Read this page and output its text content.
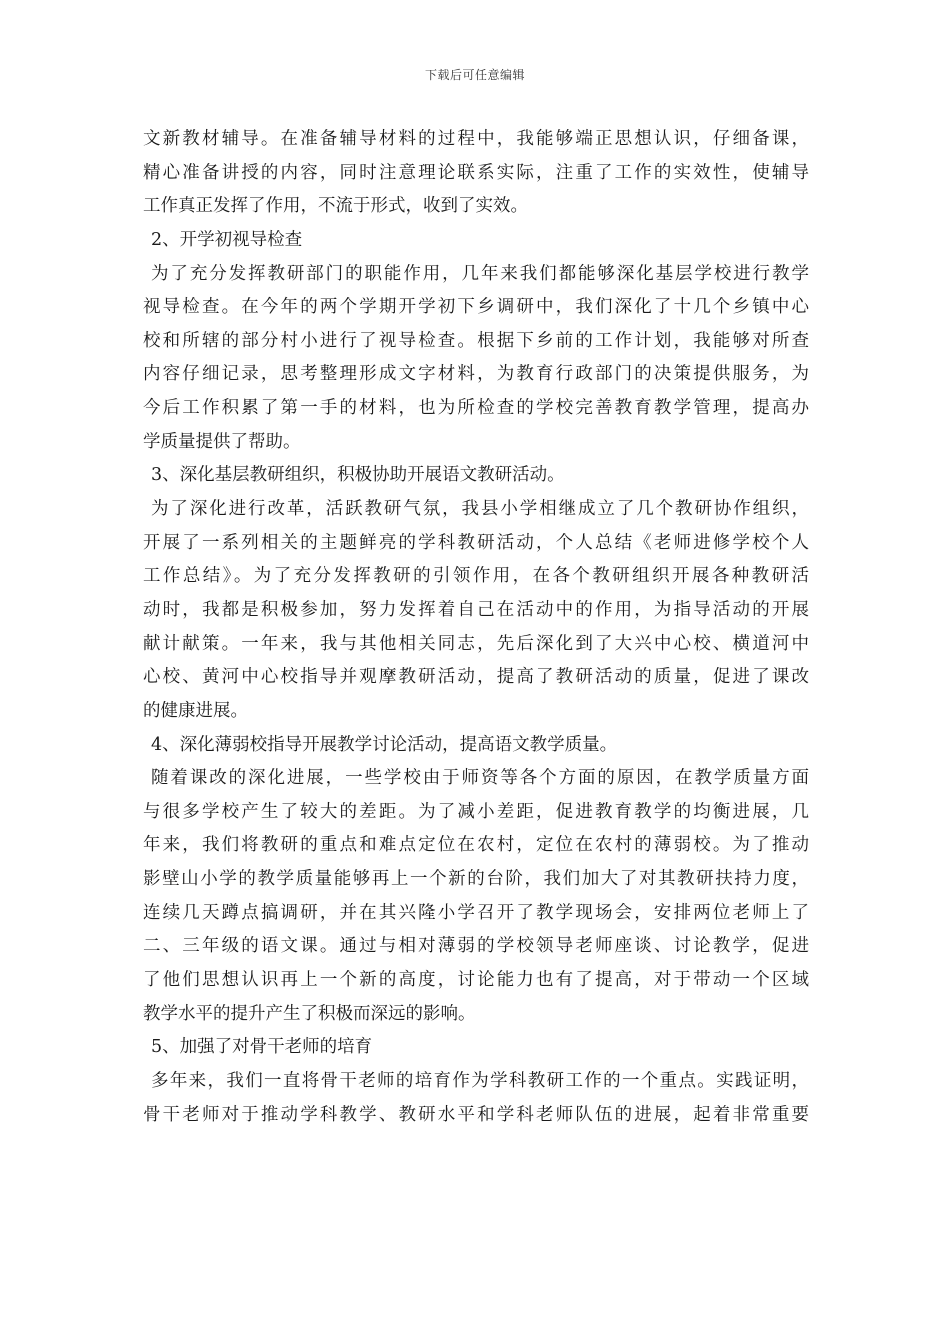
下载后可任意编辑
文新教材辅导。在准备辅导材料的过程中，我能够端正思想认识，仔细备课，
精心准备讲授的内容，同时注意理论联系实际，注重了工作的实效性，使辅导
工作真正发挥了作用，不流于形式，收到了实效。
2、开学初视导检查
为了充分发挥教研部门的职能作用，几年来我们都能够深化基层学校进行教学
视导检查。在今年的两个学期开学初下乡调研中，我们深化了十几个乡镇中心
校和所辖的部分村小进行了视导检查。根据下乡前的工作计划，我能够对所查
内容仔细记录，思考整理形成文字材料，为教育行政部门的决策提供服务，为
今后工作积累了第一手的材料，也为所检查的学校完善教育教学管理，提高办
学质量提供了帮助。
3、深化基层教研组织，积极协助开展语文教研活动。
为了深化进行改革，活跃教研气氛，我县小学相继成立了几个教研协作组织，
开展了一系列相关的主题鲜亮的学科教研活动，个人总结《老师进修学校个人
工作总结》。为了充分发挥教研的引领作用，在各个教研组织开展各种教研活
动时，我都是积极参加，努力发挥着自己在活动中的作用，为指导活动的开展
献计献策。一年来，我与其他相关同志，先后深化到了大兴中心校、横道河中
心校、黄河中心校指导并观摩教研活动，提高了教研活动的质量，促进了课改
的健康进展。
4、深化薄弱校指导开展教学讨论活动，提高语文教学质量。
随着课改的深化进展，一些学校由于师资等各个方面的原因，在教学质量方面
与很多学校产生了较大的差距。为了减小差距，促进教育教学的均衡进展，几
年来，我们将教研的重点和难点定位在农村，定位在农村的薄弱校。为了推动
影壁山小学的教学质量能够再上一个新的台阶，我们加大了对其教研扶持力度，
连续几天蹲点搞调研，并在其兴隆小学召开了教学现场会，安排两位老师上了
二、三年级的语文课。通过与相对薄弱的学校领导老师座谈、讨论教学，促进
了他们思想认识再上一个新的高度，讨论能力也有了提高，对于带动一个区域
教学水平的提升产生了积极而深远的影响。
5、加强了对骨干老师的培育
多年来，我们一直将骨干老师的培育作为学科教研工作的一个重点。实践证明，
骨干老师对于推动学科教学、教研水平和学科老师队伍的进展，起着非常重要
